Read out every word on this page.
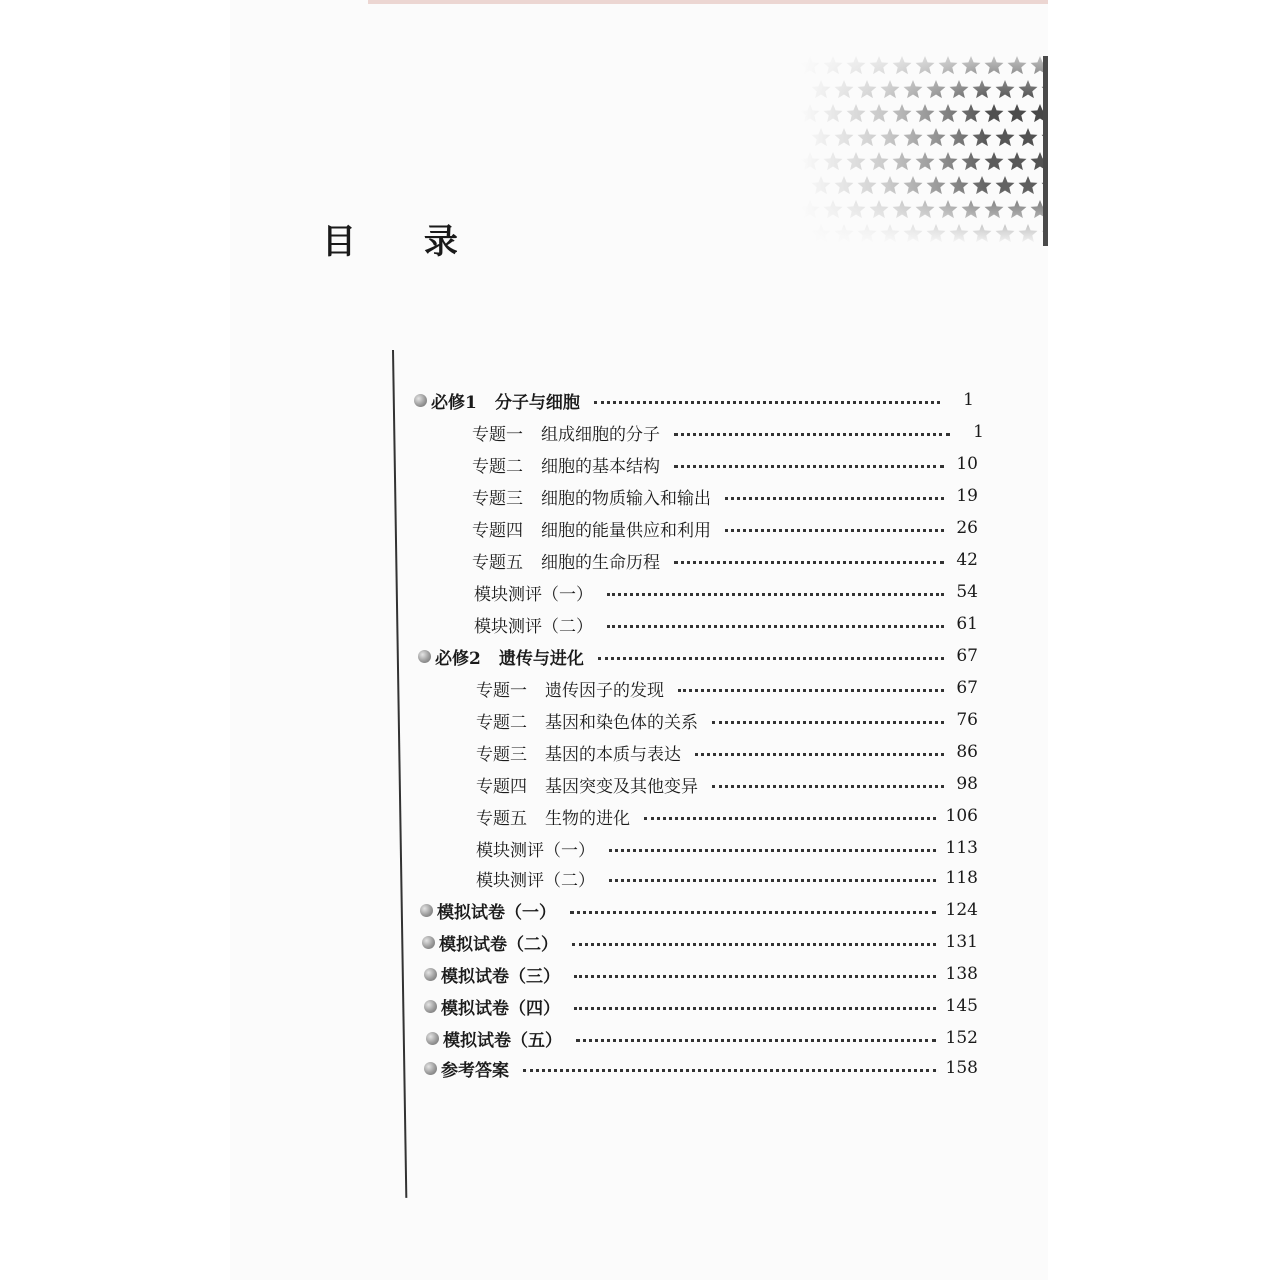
目 录
必修1 分子与细胞	1
专题一 组成细胞的分子	1
专题二 细胞的基本结构	10
专题三 细胞的物质输入和输出	19
专题四 细胞的能量供应和利用	26
专题五 细胞的生命历程	42
模块测评（一）	54
模块测评（二）	61
必修2 遗传与进化	67
专题一 遗传因子的发现	67
专题二 基因和染色体的关系	76
专题三 基因的本质与表达	86
专题四 基因突变及其他变异	98
专题五 生物的进化	106
模块测评（一）	113
模块测评（二）	118
模拟试卷（一）	124
模拟试卷（二）	131
模拟试卷（三）	138
模拟试卷（四）	145
模拟试卷（五）	152
参考答案	158
